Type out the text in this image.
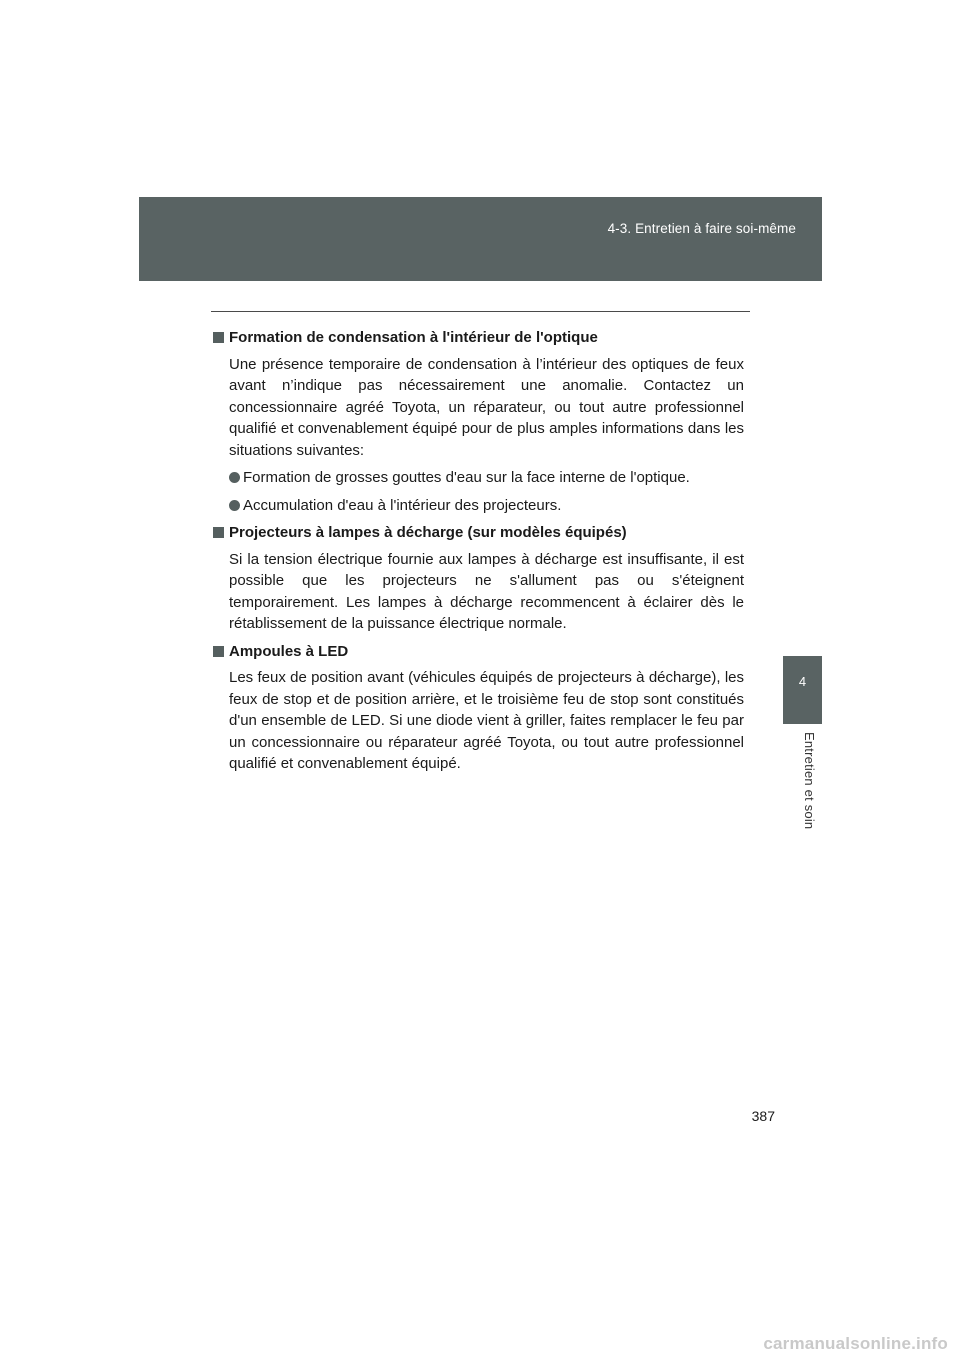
4-3. Entretien à faire soi-même
4
Entretien et soin
Formation de condensation à l'intérieur de l'optique

Une présence temporaire de condensation à l’intérieur des optiques de feux avant n’indique pas nécessairement une anomalie. Contactez un concessionnaire agréé Toyota, un réparateur, ou tout autre professionnel qualifié et convenablement équipé pour de plus amples informations dans les situations suivantes:

Formation de grosses gouttes d'eau sur la face interne de l'optique.
Accumulation d'eau à l'intérieur des projecteurs.
Projecteurs à lampes à décharge (sur modèles équipés)

Si la tension électrique fournie aux lampes à décharge est insuffisante, il est possible que les projecteurs ne s'allument pas ou s'éteignent temporairement. Les lampes à décharge recommencent à éclairer dès le rétablissement de la puissance électrique normale.

Ampoules à LED

Les feux de position avant (véhicules équipés de projecteurs à décharge), les feux de stop et de position arrière, et le troisième feu de stop sont constitués d'un ensemble de LED. Si une diode vient à griller, faites remplacer le feu par un concessionnaire ou réparateur agréé Toyota, ou tout autre professionnel qualifié et convenablement équipé.

387
carmanualsonline.info
